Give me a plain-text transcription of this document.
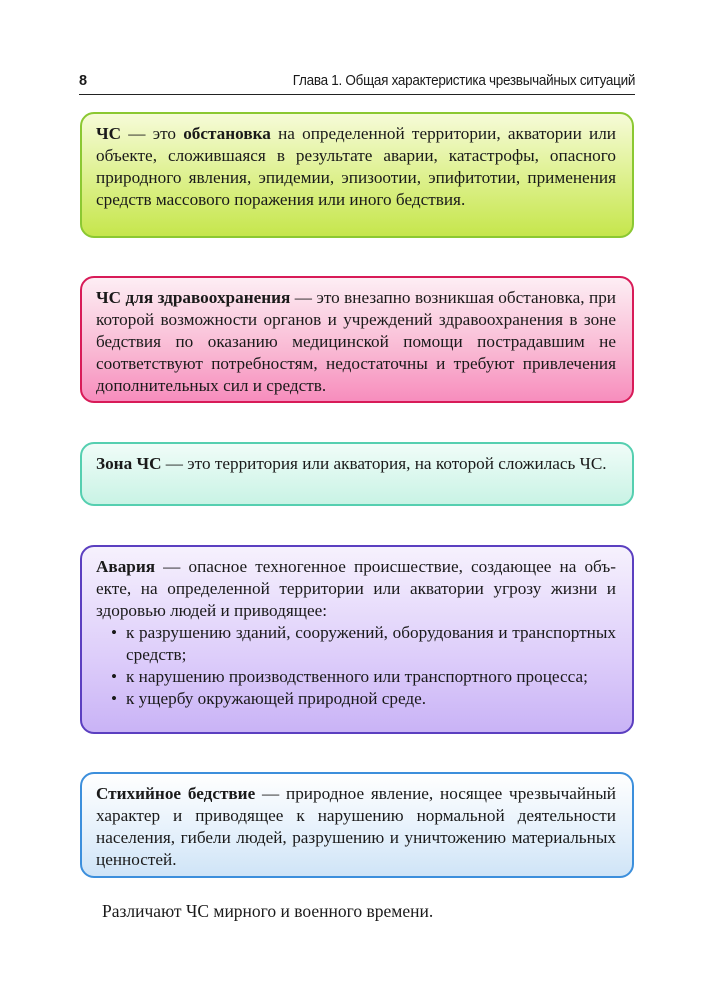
8	Глава 1. Общая характеристика чрезвычайных ситуаций
ЧС — это обстановка на определенной территории, акватории или объекте, сложившаяся в результате аварии, катастрофы, опасного природного явления, эпидемии, эпизоотии, эпифитотии, применения средств массового поражения или иного бедствия.
ЧС для здравоохранения — это внезапно возникшая обстановка, при которой возможности органов и учреждений здравоохранения в зоне бедствия по оказанию медицинской помощи пострадавшим не соответствуют потребностям, недостаточны и требуют привлечения дополнительных сил и средств.
Зона ЧС — это территория или акватория, на которой сложилась ЧС.
Авария — опасное техногенное происшествие, создающее на объекте, на определенной территории или акватории угрозу жизни и здоровью людей и приводящее:
• к разрушению зданий, сооружений, оборудования и транспортных средств;
• к нарушению производственного или транспортного процесса;
• к ущербу окружающей природной среде.
Стихийное бедствие — природное явление, носящее чрезвычайный характер и приводящее к нарушению нормальной деятельности населения, гибели людей, разрушению и уничтожению материальных ценностей.
Различают ЧС мирного и военного времени.
